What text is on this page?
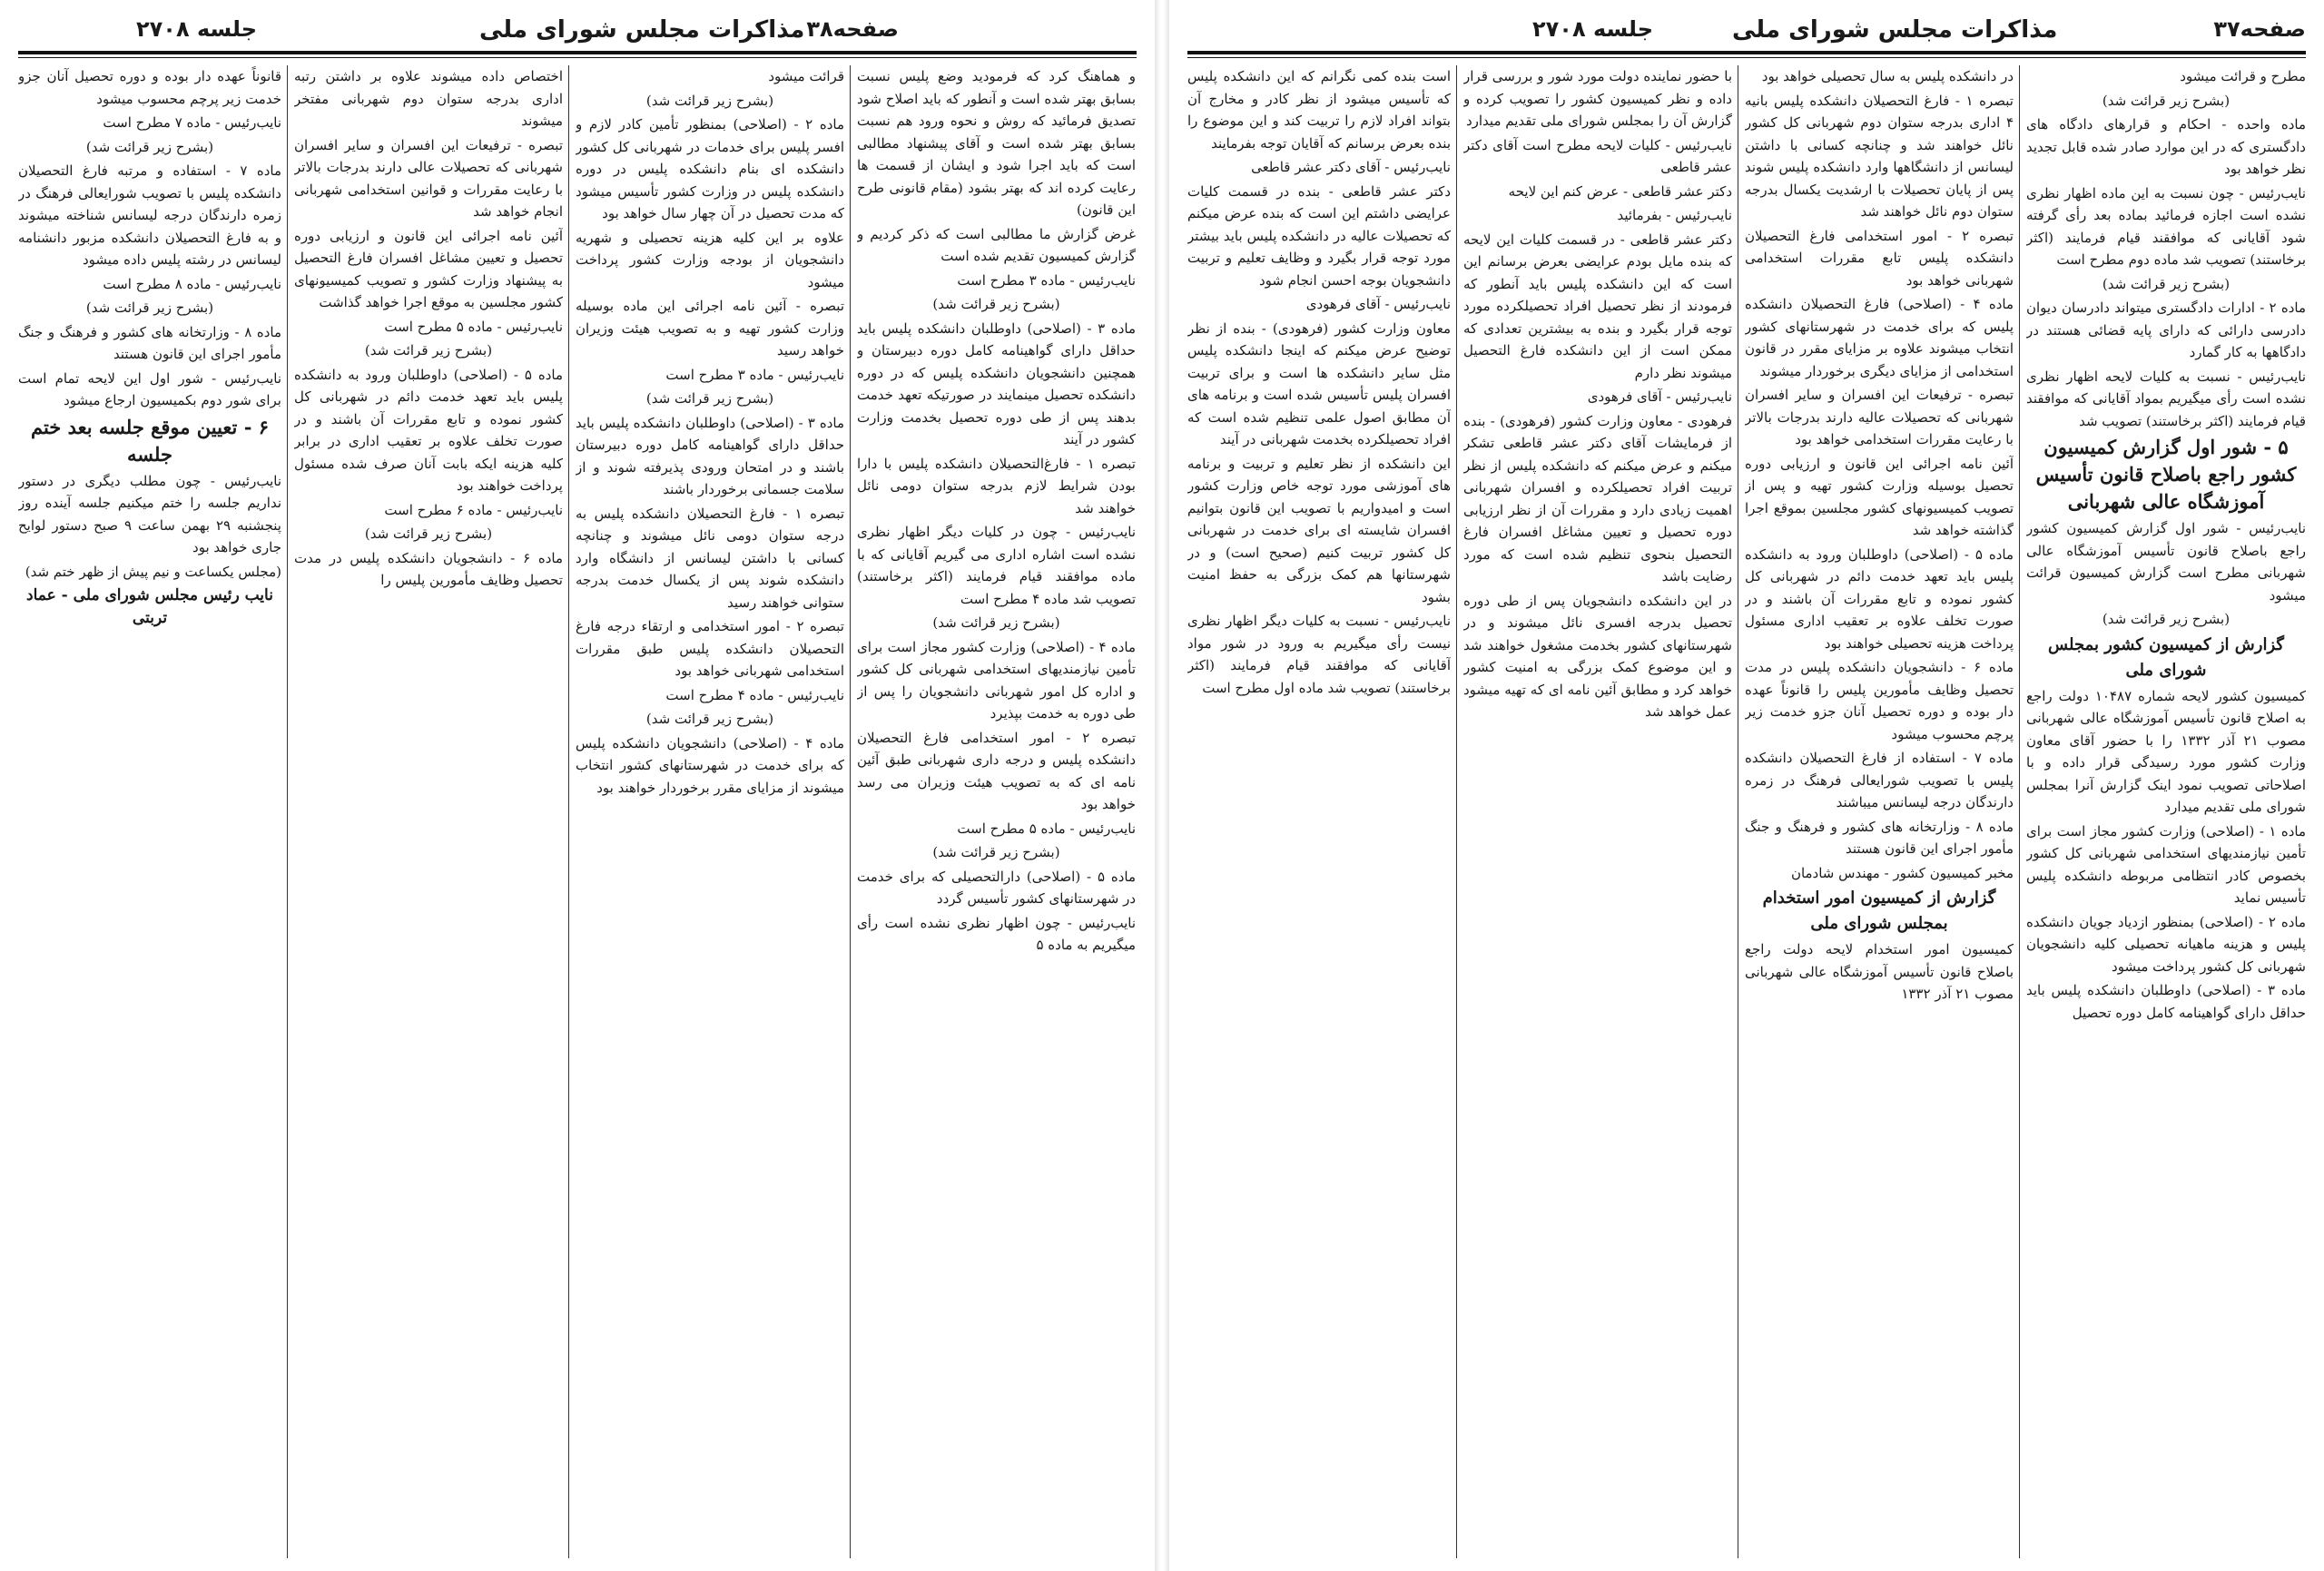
صفحه۳۸
مذاکرات مجلس شورای ملی
جلسه ۲۷۰۸

و هماهنگ کرد که فرمودید وضع پلیس نسبت بسابق بهتر شده است و آنطور که باید اصلاح شود تصدیق فرمائید که روش و نحوه ورود هم نسبت بسابق بهتر شده است و آقای پیشنهاد مطالبی است که باید اجرا شود و ایشان از قسمت ها رعایت کرده اند که بهتر بشود (مقام قانونی طرح این قانون)

غرض گزارش ما مطالبی است که ذکر کردیم و گزارش کمیسیون تقدیم شده است

نایب‌رئیس - ماده ۳ مطرح است

(بشرح زیر قرائت شد)

ماده ۳ - (اصلاحی) داوطلبان دانشکده پلیس باید حداقل دارای گواهینامه کامل دوره دبیرستان و همچنین دانشجویان دانشکده پلیس که در دوره دانشکده تحصیل مینمایند در صورتیکه تعهد خدمت بدهند پس از طی دوره تحصیل بخدمت وزارت کشور در آیند

تبصره ۱ - فارغ‌التحصیلان دانشکده پلیس با دارا بودن شرایط لازم بدرجه ستوان دومی نائل خواهند شد

نایب‌رئیس - چون در کلیات دیگر اظهار نظری نشده است اشاره اداری می گیریم آقایانی که با ماده موافقند قیام فرمایند (اکثر برخاستند) تصویب شد ماده ۴ مطرح است

(بشرح زیر قرائت شد)

ماده ۴ - (اصلاحی) وزارت کشور مجاز است برای تأمین نیازمندیهای استخدامی شهربانی کل کشور و اداره کل امور شهربانی دانشجویان را پس از طی دوره به خدمت بپذیرد

تبصره ۲ - امور استخدامی فارغ التحصیلان دانشکده پلیس و درجه داری شهربانی طبق آئین نامه ای که به تصویب هیئت وزیران می رسد خواهد بود

نایب‌رئیس - ماده ۵ مطرح است

(بشرح زیر قرائت شد)

ماده ۵ - (اصلاحی) دارالتحصیلی که برای خدمت در شهرستانهای کشور تأسیس گردد

نایب‌رئیس - چون اظهار نظری نشده است رأی میگیریم به ماده ۵

قرائت میشود

(بشرح زیر قرائت شد)

ماده ۲ - (اصلاحی) بمنظور تأمین کادر لازم و افسر پلیس برای خدمات در شهربانی کل کشور دانشکده ای بنام دانشکده پلیس در دوره دانشکده پلیس در وزارت کشور تأسیس میشود که مدت تحصیل در آن چهار سال خواهد بود

علاوه بر این کلیه هزینه تحصیلی و شهریه دانشجویان از بودجه وزارت کشور پرداخت میشود

تبصره - آئین نامه اجرائی این ماده بوسیله وزارت کشور تهیه و به تصویب هیئت وزیران خواهد رسید

نایب‌رئیس - ماده ۳ مطرح است

(بشرح زیر قرائت شد)

ماده ۳ - (اصلاحی) داوطلبان دانشکده پلیس باید حداقل دارای گواهینامه کامل دوره دبیرستان باشند و در امتحان ورودی پذیرفته شوند و از سلامت جسمانی برخوردار باشند

تبصره ۱ - فارغ التحصیلان دانشکده پلیس به درجه ستوان دومی نائل میشوند و چنانچه کسانی با داشتن لیسانس از دانشگاه وارد دانشکده شوند پس از یکسال خدمت بدرجه ستوانی خواهند رسید

تبصره ۲ - امور استخدامی و ارتقاء درجه فارغ التحصیلان دانشکده پلیس طبق مقررات استخدامی شهربانی خواهد بود

نایب‌رئیس - ماده ۴ مطرح است

(بشرح زیر قرائت شد)

ماده ۴ - (اصلاحی) دانشجویان دانشکده پلیس که برای خدمت در شهرستانهای کشور انتخاب میشوند از مزایای مقرر برخوردار خواهند بود

اختصاص داده میشوند علاوه بر داشتن رتبه اداری بدرجه ستوان دوم شهربانی مفتخر میشوند

تبصره - ترفیعات این افسران و سایر افسران شهربانی که تحصیلات عالی دارند بدرجات بالاتر با رعایت مقررات و قوانین استخدامی شهربانی انجام خواهد شد

آئین نامه اجرائی این قانون و ارزیابی دوره تحصیل و تعیین مشاغل افسران فارغ التحصیل به پیشنهاد وزارت کشور و تصویب کمیسیونهای کشور مجلسین به موقع اجرا خواهد گذاشت

نایب‌رئیس - ماده ۵ مطرح است

(بشرح زیر قرائت شد)

ماده ۵ - (اصلاحی) داوطلبان ورود به دانشکده پلیس باید تعهد خدمت دائم در شهربانی کل کشور نموده و تابع مقررات آن باشند و در صورت تخلف علاوه بر تعقیب اداری در برابر کلیه هزینه ایکه بابت آنان صرف شده مسئول پرداخت خواهند بود

نایب‌رئیس - ماده ۶ مطرح است

(بشرح زیر قرائت شد)

ماده ۶ - دانشجویان دانشکده پلیس در مدت تحصیل وظایف مأمورین پلیس را

قانوناً عهده دار بوده و دوره تحصیل آنان جزو خدمت زیر پرچم محسوب میشود

نایب‌رئیس - ماده ۷ مطرح است

(بشرح زیر قرائت شد)

ماده ۷ - استفاده و مرتبه فارغ التحصیلان دانشکده پلیس با تصویب شورایعالی فرهنگ در زمره دارندگان درجه لیسانس شناخته میشوند و به فارغ التحصیلان دانشکده مزبور دانشنامه لیسانس در رشته پلیس داده میشود

نایب‌رئیس - ماده ۸ مطرح است

(بشرح زیر قرائت شد)

ماده ۸ - وزارتخانه های کشور و فرهنگ و جنگ مأمور اجرای این قانون هستند

نایب‌رئیس - شور اول این لایحه تمام است برای شور دوم بکمیسیون ارجاع میشود

۶ - تعیین موقع جلسه بعد ختم جلسه

نایب‌رئیس - چون مطلب دیگری در دستور نداریم جلسه را ختم میکنیم جلسه آینده روز پنجشنبه ۲۹ بهمن ساعت ۹ صبح دستور لوایح جاری خواهد بود

(مجلس یکساعت و نیم پیش از ظهر ختم شد)

نایب رئیس مجلس شورای ملی - عماد تربتی

جلسه ۲۷۰۸	مذاکرات مجلس شورای ملی	صفحه۳۷

مطرح و قرائت میشود

(بشرح زیر قرائت شد)

ماده واحده - احکام و قرارهای دادگاه های دادگستری که در این موارد صادر شده قابل تجدید نظر خواهد بود

نایب‌رئیس - چون نسبت به این ماده اظهار نظری نشده است اجازه فرمائید بماده بعد رأی گرفته شود آقایانی که موافقند قیام فرمایند (اکثر برخاستند) تصویب شد ماده دوم مطرح است

(بشرح زیر قرائت شد)

ماده ۲ - ادارات دادگستری میتواند دادرسان دیوان دادرسی دارائی که دارای پایه قضائی هستند در دادگاهها به کار گمارد

نایب‌رئیس - نسبت به کلیات لایحه اظهار نظری نشده است رأی میگیریم بمواد آقایانی که موافقند قیام فرمایند (اکثر برخاستند) تصویب شد

۵ - شور اول گزارش کمیسیون کشور راجع باصلاح قانون تأسیس آموزشگاه عالی شهربانی

نایب‌رئیس - شور اول گزارش کمیسیون کشور راجع باصلاح قانون تأسیس آموزشگاه عالی شهربانی مطرح است گزارش کمیسیون قرائت میشود

(بشرح زیر قرائت شد)

گزارش از کمیسیون کشور بمجلس شورای ملی

کمیسیون کشور لایحه شماره ۱۰۴۸۷ دولت راجع به اصلاح قانون تأسیس آموزشگاه عالی شهربانی مصوب ۲۱ آذر ۱۳۳۲ را با حضور آقای معاون وزارت کشور مورد رسیدگی قرار داده و با اصلاحاتی تصویب نمود اینک گزارش آنرا بمجلس شورای ملی تقدیم میدارد

ماده ۱ - (اصلاحی) وزارت کشور مجاز است برای تأمین نیازمندیهای استخدامی شهربانی کل کشور بخصوص کادر انتظامی مربوطه دانشکده پلیس تأسیس نماید

ماده ۲ - (اصلاحی) بمنظور ازدیاد جویان دانشکده پلیس و هزینه ماهیانه تحصیلی کلیه دانشجویان شهربانی کل کشور پرداخت میشود

ماده ۳ - (اصلاحی) داوطلبان دانشکده پلیس باید حداقل دارای گواهینامه کامل دوره تحصیل

در دانشکده پلیس به سال تحصیلی خواهد بود

تبصره ۱ - فارغ التحصیلان دانشکده پلیس بانیه ۴ اداری بدرجه ستوان دوم شهربانی کل کشور نائل خواهند شد و چنانچه کسانی با داشتن لیسانس از دانشگاهها وارد دانشکده پلیس شوند پس از پایان تحصیلات با ارشدیت یکسال بدرجه ستوان دوم نائل خواهند شد

تبصره ۲ - امور استخدامی فارغ التحصیلان دانشکده پلیس تابع مقررات استخدامی شهربانی خواهد بود

ماده ۴ - (اصلاحی) فارغ التحصیلان دانشکده پلیس که برای خدمت در شهرستانهای کشور انتخاب میشوند علاوه بر مزایای مقرر در قانون استخدامی از مزایای دیگری برخوردار میشوند

تبصره - ترفیعات این افسران و سایر افسران شهربانی که تحصیلات عالیه دارند بدرجات بالاتر با رعایت مقررات استخدامی خواهد بود

آئین نامه اجرائی این قانون و ارزیابی دوره تحصیل بوسیله وزارت کشور تهیه و پس از تصویب کمیسیونهای کشور مجلسین بموقع اجرا گذاشته خواهد شد

ماده ۵ - (اصلاحی) داوطلبان ورود به دانشکده پلیس باید تعهد خدمت دائم در شهربانی کل کشور نموده و تابع مقررات آن باشند و در صورت تخلف علاوه بر تعقیب اداری مسئول پرداخت هزینه تحصیلی خواهند بود

ماده ۶ - دانشجویان دانشکده پلیس در مدت تحصیل وظایف مأمورین پلیس را قانوناً عهده دار بوده و دوره تحصیل آنان جزو خدمت زیر پرچم محسوب میشود

ماده ۷ - استفاده از فارغ التحصیلان دانشکده پلیس با تصویب شورایعالی فرهنگ در زمره دارندگان درجه لیسانس میباشند

ماده ۸ - وزارتخانه های کشور و فرهنگ و جنگ مأمور اجرای این قانون هستند

مخبر کمیسیون کشور - مهندس شادمان

گزارش از کمیسیون امور استخدام بمجلس شورای ملی

کمیسیون امور استخدام لایحه دولت راجع باصلاح قانون تأسیس آموزشگاه عالی شهربانی مصوب ۲۱ آذر ۱۳۳۲

با حضور نماینده دولت مورد شور و بررسی قرار داده و نظر کمیسیون کشور را تصویب کرده و گزارش آن را بمجلس شورای ملی تقدیم میدارد

نایب‌رئیس - کلیات لایحه مطرح است آقای دکتر عشر قاطعی

دکتر عشر قاطعی - عرض کنم این لایحه

نایب‌رئیس - بفرمائید

دکتر عشر قاطعی - در قسمت کلیات این لایحه که بنده مایل بودم عرایضی بعرض برسانم این است که این دانشکده پلیس باید آنطور که فرمودند از نظر تحصیل افراد تحصیلکرده مورد توجه قرار بگیرد و بنده به بیشترین تعدادی که ممکن است از این دانشکده فارغ التحصیل میشوند نظر دارم

نایب‌رئیس - آقای فرهودی

فرهودی - معاون وزارت کشور (فرهودی) - بنده از فرمایشات آقای دکتر عشر قاطعی تشکر میکنم و عرض میکنم که دانشکده پلیس از نظر تربیت افراد تحصیلکرده و افسران شهربانی اهمیت زیادی دارد و مقررات آن از نظر ارزیابی دوره تحصیل و تعیین مشاغل افسران فارغ التحصیل بنحوی تنظیم شده است که مورد رضایت باشد

در این دانشکده دانشجویان پس از طی دوره تحصیل بدرجه افسری نائل میشوند و در شهرستانهای کشور بخدمت مشغول خواهند شد و این موضوع کمک بزرگی به امنیت کشور خواهد کرد و مطابق آئین نامه ای که تهیه میشود عمل خواهد شد

است بنده کمی نگرانم که این دانشکده پلیس که تأسیس میشود از نظر کادر و مخارج آن بتواند افراد لازم را تربیت کند و این موضوع را بنده بعرض برسانم که آقایان توجه بفرمایند

نایب‌رئیس - آقای دکتر عشر قاطعی

دکتر عشر قاطعی - بنده در قسمت کلیات عرایضی داشتم این است که بنده عرض میکنم که تحصیلات عالیه در دانشکده پلیس باید بیشتر مورد توجه قرار بگیرد و وظایف تعلیم و تربیت دانشجویان بوجه احسن انجام شود

نایب‌رئیس - آقای فرهودی

معاون وزارت کشور (فرهودی) - بنده از نظر توضیح عرض میکنم که اینجا دانشکده پلیس مثل سایر دانشکده ها است و برای تربیت افسران پلیس تأسیس شده است و برنامه های آن مطابق اصول علمی تنظیم شده است که افراد تحصیلکرده بخدمت شهربانی در آیند

این دانشکده از نظر تعلیم و تربیت و برنامه های آموزشی مورد توجه خاص وزارت کشور است و امیدواریم با تصویب این قانون بتوانیم افسران شایسته ای برای خدمت در شهربانی کل کشور تربیت کنیم (صحیح است) و در شهرستانها هم کمک بزرگی به حفظ امنیت بشود

نایب‌رئیس - نسبت به کلیات دیگر اظهار نظری نیست رأی میگیریم به ورود در شور مواد آقایانی که موافقند قیام فرمایند (اکثر برخاستند) تصویب شد ماده اول مطرح است
